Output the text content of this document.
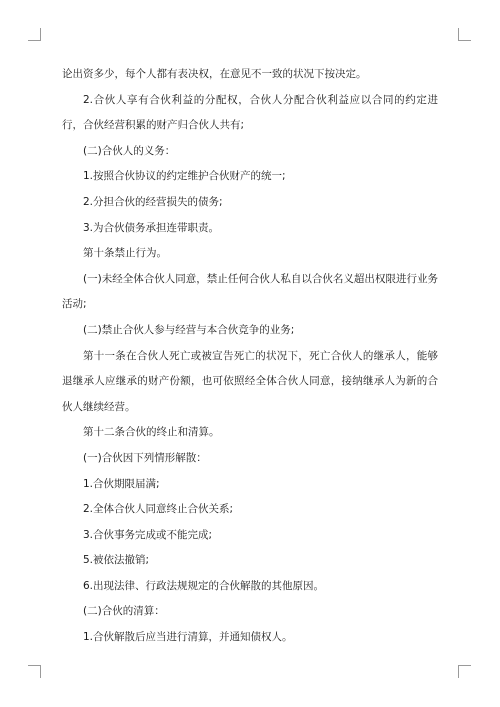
论出资多少，每个人都有表决权，在意见不一致的状况下按决定。

2.合伙人享有合伙利益的分配权，合伙人分配合伙利益应以合同的约定进行，合伙经营积累的财产归合伙人共有;

(二)合伙人的义务：

1.按照合伙协议的约定维护合伙财产的统一;

2.分担合伙的经营损失的债务;

3.为合伙债务承担连带职责。

第十条禁止行为。

(一)未经全体合伙人同意，禁止任何合伙人私自以合伙名义超出权限进行业务活动;

(二)禁止合伙人参与经营与本合伙竞争的业务;

第十一条在合伙人死亡或被宣告死亡的状况下，死亡合伙人的继承人，能够退继承人应继承的财产份额，也可依照经全体合伙人同意，接纳继承人为新的合伙人继续经营。

第十二条合伙的终止和清算。

(一)合伙因下列情形解散：

1.合伙期限届满;

2.全体合伙人同意终止合伙关系;

3.合伙事务完成或不能完成;

5.被依法撤销;

6.出现法律、行政法规规定的合伙解散的其他原因。

(二)合伙的清算：

1.合伙解散后应当进行清算，并通知债权人。
